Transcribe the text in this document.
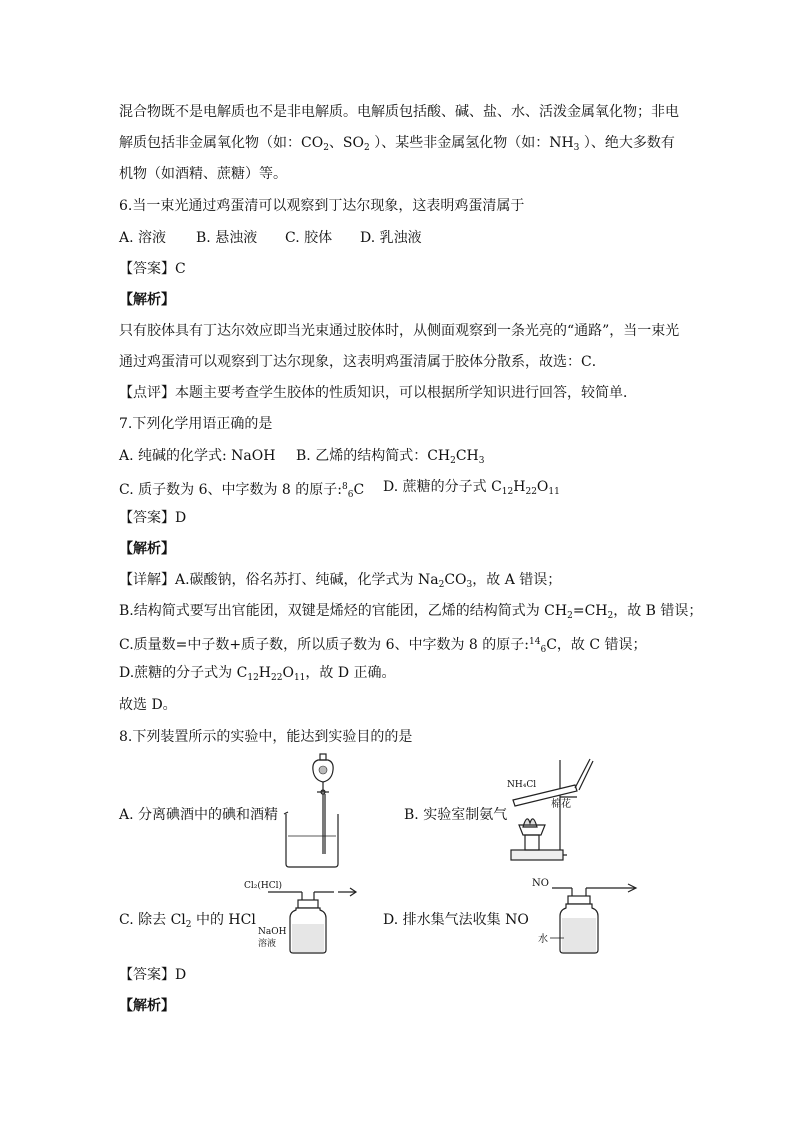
混合物既不是电解质也不是非电解质。电解质包括酸、碱、盐、水、活泼金属氧化物；非电
解质包括非金属氧化物（如：$CO_2$、$SO_2$ ）、某些非金属氢化物（如：$NH_3$ ）、绝大多数有
机物（如酒精、蔗糖）等。
6.当一束光通过鸡蛋清可以观察到丁达尔现象，这表明鸡蛋清属于
A. 溶液 B. 悬浊液 C. 胶体 D. 乳浊液
【答案】C
【解析】
只有胶体具有丁达尔效应即当光束通过胶体时，从侧面观察到一条光亮的“通路”，当一束光
通过鸡蛋清可以观察到丁达尔现象，这表明鸡蛋清属于胶体分散系，故选：C．
【点评】本题主要考查学生胶体的性质知识，可以根据所学知识进行回答，较简单．
7.下列化学用语正确的是
A. 纯碱的化学式: NaOH B. 乙烯的结构简式：$CH_2CH_3$
C. 质子数为 6、中字数为 8 的原子:$^8_6$C D. 蔗糖的分子式 $C_{12}H_{22}O_{11}$
【答案】D
【解析】
【详解】A.碳酸钠，俗名苏打、纯碱，化学式为 $Na_2CO_3$，故 A 错误；
B.结构简式要写出官能团，双键是烯烃的官能团，乙烯的结构简式为 $CH_2=CH_2$，故 B 错误；
C.质量数=中子数+质子数，所以质子数为 6、中字数为 8 的原子:$^{14}_6$C，故 C 错误；
D.蔗糖的分子式为 $C_{12}H_{22}O_{11}$，故 D 正确。
故选 D。
8.下列装置所示的实验中，能达到实验目的的是
A. 分离碘酒中的碘和酒精	B. 实验室制氨气
C. 除去 $Cl_2$ 中的 HCl	D. 排水集气法收集 NO
NH₄Cl
棉花
Cl₂(HCl)
NaOH
溶液
NO
水
【答案】D
【解析】
